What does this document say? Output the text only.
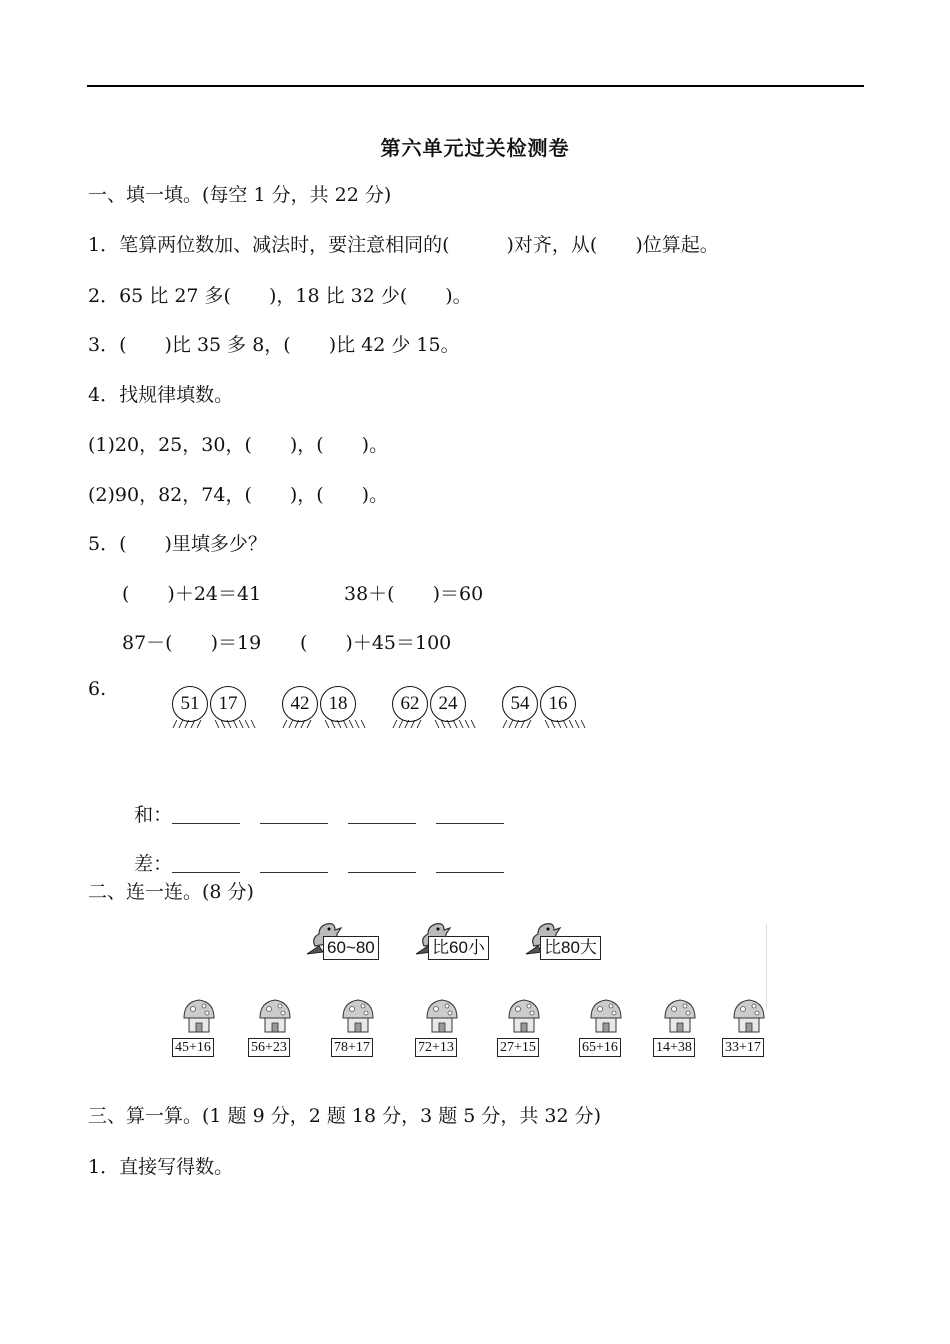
第六单元过关检测卷
一、填一填。(每空 1 分，共 22 分)
1．笔算两位数加、减法时，要注意相同的(　　　)对齐，从(　　)位算起。
2．65 比 27 多(　　)，18 比 32 少(　　)。
3．(　　)比 35 多 8，(　　)比 42 少 15。
4．找规律填数。
(1)20，25，30，(　　)，(　　)。
(2)90，82，74，(　　)，(　　)。
5．(　　)里填多少？
(　　)＋24＝41	38＋(　　)＝60
87－(　　)＝19 (　　)＋45＝100
6.
51	17
/////  \\\\\\\
42	18
/////  \\\\\\\
62	24
/////  \\\\\\\
54	16
/////  \\\\\\\

和：

差：

二、连一连。(8 分)
60~80	比60小	比80大
45+16	56+23	78+17	72+13	27+15	65+16	14+38 33+17
三、算一算。(1 题 9 分，2 题 18 分，3 题 5 分，共 32 分)
1．直接写得数。
